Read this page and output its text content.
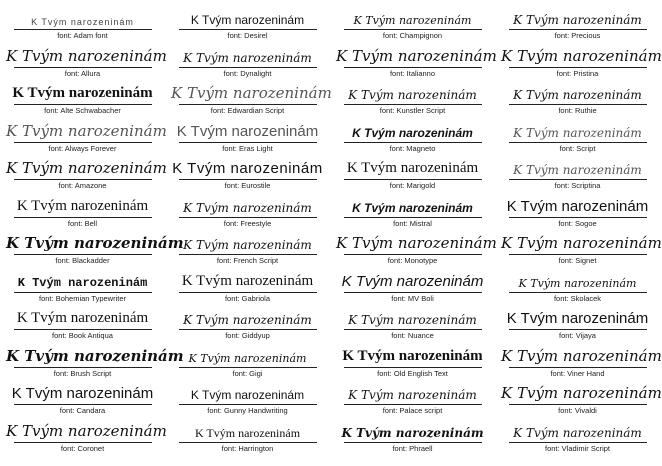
K Tvým narozeninám
font: Adam font
K Tvým narozeninám
font: Allura
K Tvým narozeninám
font: Alte Schwabacher
K Tvým narozeninám
font: Always Forever
K Tvým narozeninám
font: Amazone
K Tvým narozeninám
font: Bell
K Tvým narozeninám
font: Blackadder
K Tvým narozeninám
font: Bohemian Typewriter
K Tvým narozeninám
font: Book Antiqua
K Tvým narozeninám
font: Brush Script
K Tvým narozeninám
font: Candara
K Tvým narozeninám
font: Coronet
K Tvým narozeninám
font: Desirel
K Tvým narozeninám
font: Dynalight
K Tvým narozeninám
font: Edwardian Script
K Tvým narozeninám
font: Eras Light
K Tvým narozeninám
font: Eurostile
K Tvým narozeninám
font: Freestyle
K Tvým narozeninám
font: French Script
K Tvým narozeninám
font: Gabriola
K Tvým narozeninám
font: Giddyup
K Tvým narozeninám
font: Gigi
K Tvým narozeninám
font: Gunny Handwriting
K Tvým narozeninám
font: Harrington
K Tvým narozeninám
font: Champignon
K Tvým narozeninám
font: Italianno
K Tvým narozeninám
font: Kunstler Script
K Tvým narozeninám
font: Magneto
K Tvým narozeninám
font: Marigold
K Tvým narozeninám
font: Mistral
K Tvým narozeninám
font: Monotype
K Tvým narozeninám
font: MV Boli
K Tvým narozeninám
font: Nuance
K Tvým narozeninám
font: Old English Text
K Tvým narozeninám
font: Palace script
K Tvým narozeninám
font: Phraell
K Tvým narozeninám
font: Precious
K Tvým narozeninám
font: Pristina
K Tvým narozeninám
font: Ruthie
K Tvým narozeninám
font: Script
K Tvým narozeninám
font: Scriptina
K Tvým narozeninám
font: Sogoe
K Tvým narozeninám
font: Signet
K Tvým narozeninám
font: Skolacek
K Tvým narozeninám
font: Vijaya
K Tvým narozeninám
font: Viner Hand
K Tvým narozeninám
font: Vivaldi
K Tvým narozeninám
font: Vladimir Script
